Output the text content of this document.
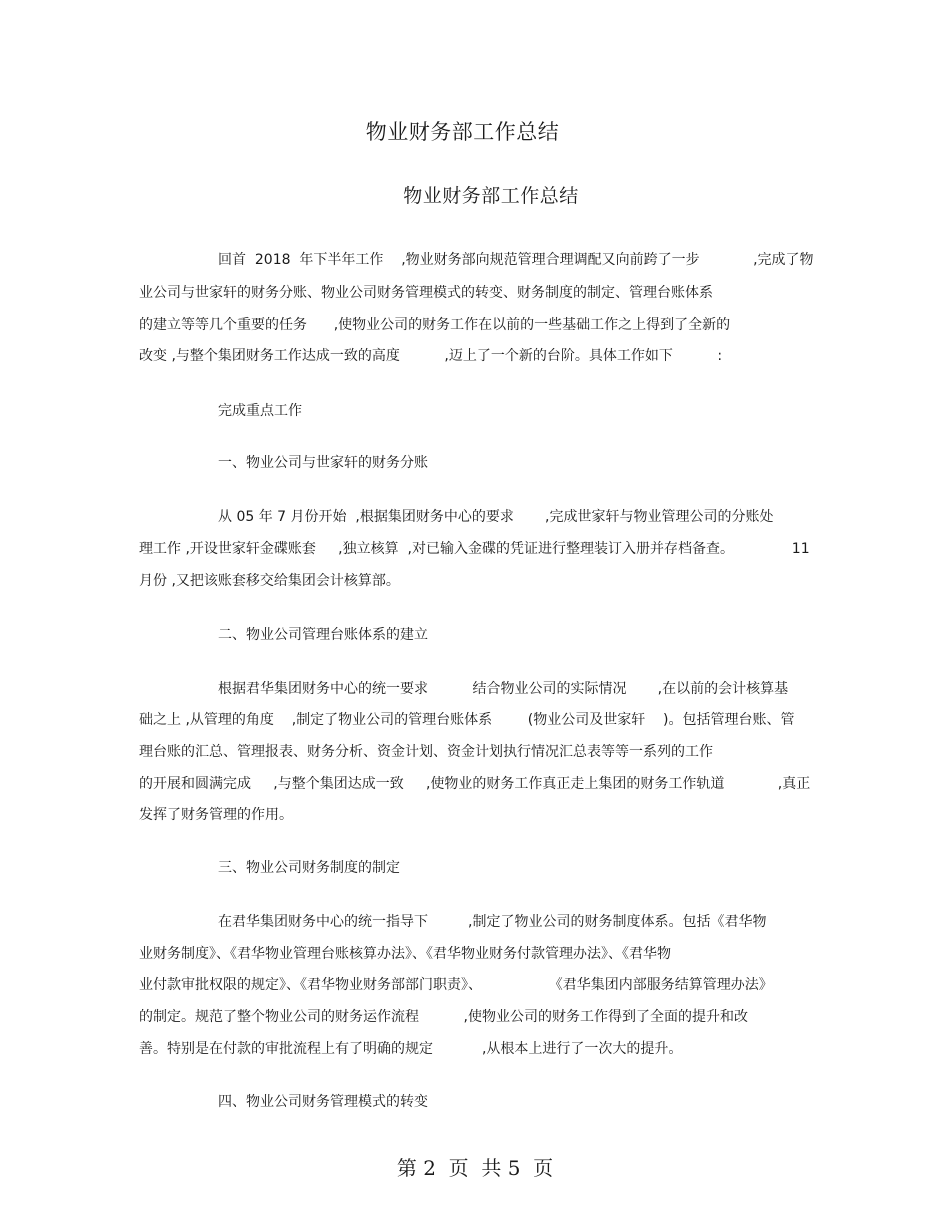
物业财务部工作总结
物业财务部工作总结
回首  2018  年下半年工作    ,物业财务部向规范管理合理调配又向前跨了一步            ,完成了物
业公司与世家轩的财务分账、物业公司财务管理模式的转变、财务制度的制定、管理台账体系
的建立等等几个重要的任务      ,使物业公司的财务工作在以前的一些基础工作之上得到了全新的
改变 ,与整个集团财务工作达成一致的高度          ,迈上了一个新的台阶。具体工作如下          :
完成重点工作
一、物业公司与世家轩的财务分账
从 05 年 7 月份开始  ,根据集团财务中心的要求       ,完成世家轩与物业管理公司的分账处
理工作 ,开设世家轩金碟账套     ,独立核算  ,对已输入金碟的凭证进行整理装订入册并存档备查。             11
月份 ,又把该账套移交给集团会计核算部。
二、物业公司管理台账体系的建立
根据君华集团财务中心的统一要求          结合物业公司的实际情况       ,在以前的会计核算基
础之上 ,从管理的角度    ,制定了物业公司的管理台账体系        (物业公司及世家轩    )。包括管理台账、管
理台账的汇总、管理报表、财务分析、资金计划、资金计划执行情况汇总表等等一系列的工作
的开展和圆满完成     ,与整个集团达成一致     ,使物业的财务工作真正走上集团的财务工作轨道            ,真正
发挥了财务管理的作用。
三、物业公司财务制度的制定
在君华集团财务中心的统一指导下         ,制定了物业公司的财务制度体系。包括《君华物
业财务制度》、《君华物业管理台账核算办法》、《君华物业财务付款管理办法》、《君华物
业付款审批权限的规定》、《君华物业财务部部门职责》、               《君华集团内部服务结算管理办法》
的制定。规范了整个物业公司的财务运作流程          ,使物业公司的财务工作得到了全面的提升和改
善。特别是在付款的审批流程上有了明确的规定           ,从根本上进行了一次大的提升。
四、物业公司财务管理模式的转变
第 2  页  共 5  页
